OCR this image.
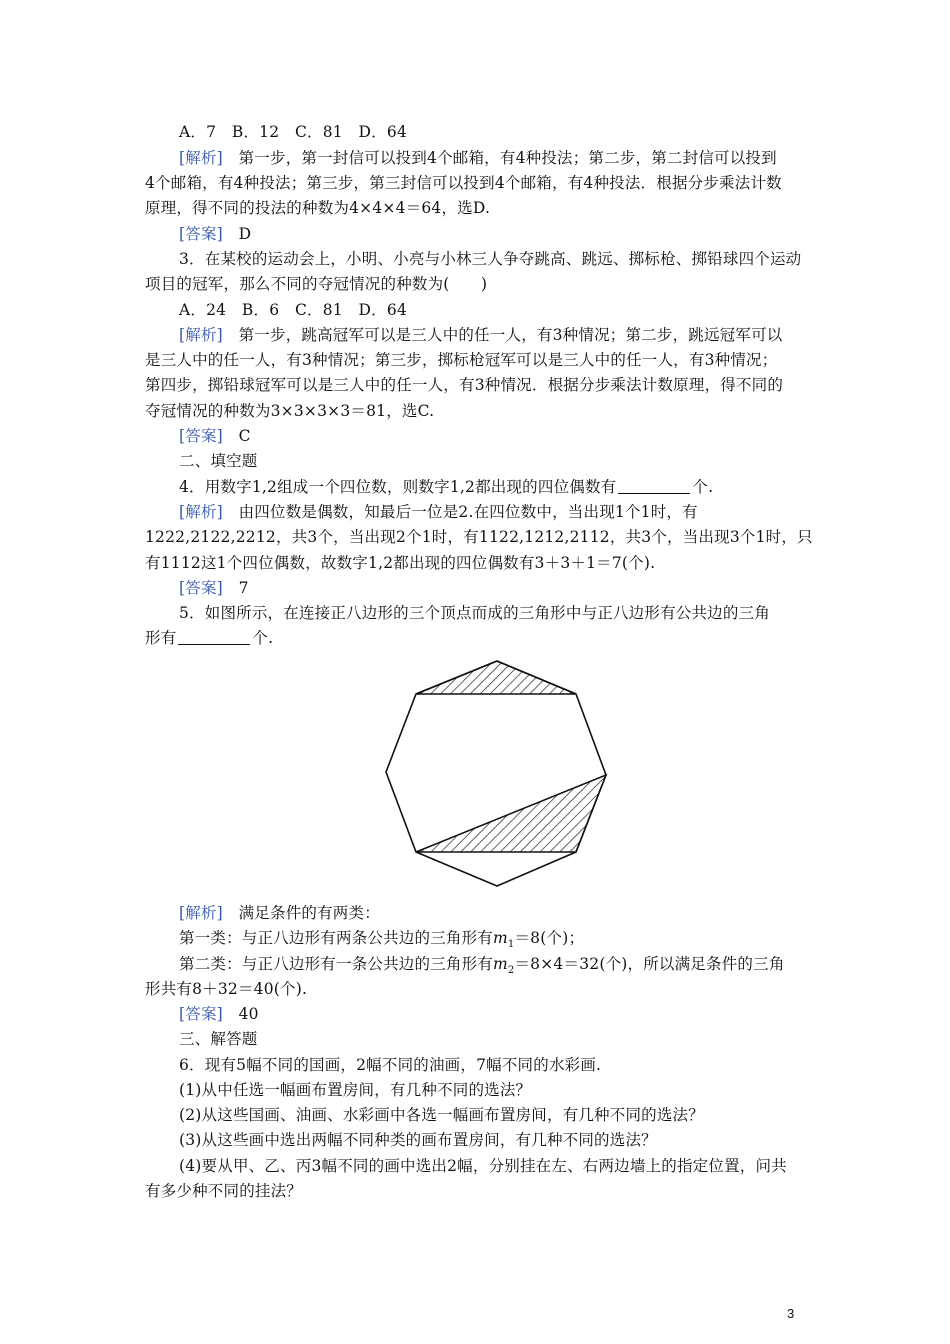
A．7　B．12　C．81　D．64
[解析]　第一步，第一封信可以投到4个邮箱，有4种投法；第二步，第二封信可以投到
4个邮箱，有4种投法；第三步，第三封信可以投到4个邮箱，有4种投法．根据分步乘法计数
原理，得不同的投法的种数为4×4×4＝64，选D.
[答案]　D
3．在某校的运动会上，小明、小亮与小林三人争夺跳高、跳远、掷标枪、掷铅球四个运动
项目的冠军，那么不同的夺冠情况的种数为(　　)
A．24　B．6　C．81　D．64
[解析]　第一步，跳高冠军可以是三人中的任一人，有3种情况；第二步，跳远冠军可以
是三人中的任一人，有3种情况；第三步，掷标枪冠军可以是三人中的任一人，有3种情况；
第四步，掷铅球冠军可以是三人中的任一人，有3种情况．根据分步乘法计数原理，得不同的
夺冠情况的种数为3×3×3×3＝81，选C.
[答案]　C
二、填空题
4．用数字1,2组成一个四位数，则数字1,2都出现的四位偶数有	个.
[解析]　由四位数是偶数，知最后一位是2.在四位数中，当出现1个1时，有
1222,2122,2212，共3个，当出现2个1时，有1122,1212,2112，共3个，当出现3个1时，只
有1112这1个四位偶数，故数字1,2都出现的四位偶数有3＋3＋1＝7(个).
[答案]　7
5．如图所示，在连接正八边形的三个顶点而成的三角形中与正八边形有公共边的三角
形有	个.
[解析]　满足条件的有两类：
第一类：与正八边形有两条公共边的三角形有$m_1=8$(个)；
第二类：与正八边形有一条公共边的三角形有$m_2=8\times 4=32$(个)，所以满足条件的三角
形共有8＋32＝40(个).
[答案]　40
三、解答题
6．现有5幅不同的国画，2幅不同的油画，7幅不同的水彩画.
(1)从中任选一幅画布置房间，有几种不同的选法？
(2)从这些国画、油画、水彩画中各选一幅画布置房间，有几种不同的选法？
(3)从这些画中选出两幅不同种类的画布置房间，有几种不同的选法？
(4)要从甲、乙、丙3幅不同的画中选出2幅，分别挂在左、右两边墙上的指定位置，问共
有多少种不同的挂法？
3
